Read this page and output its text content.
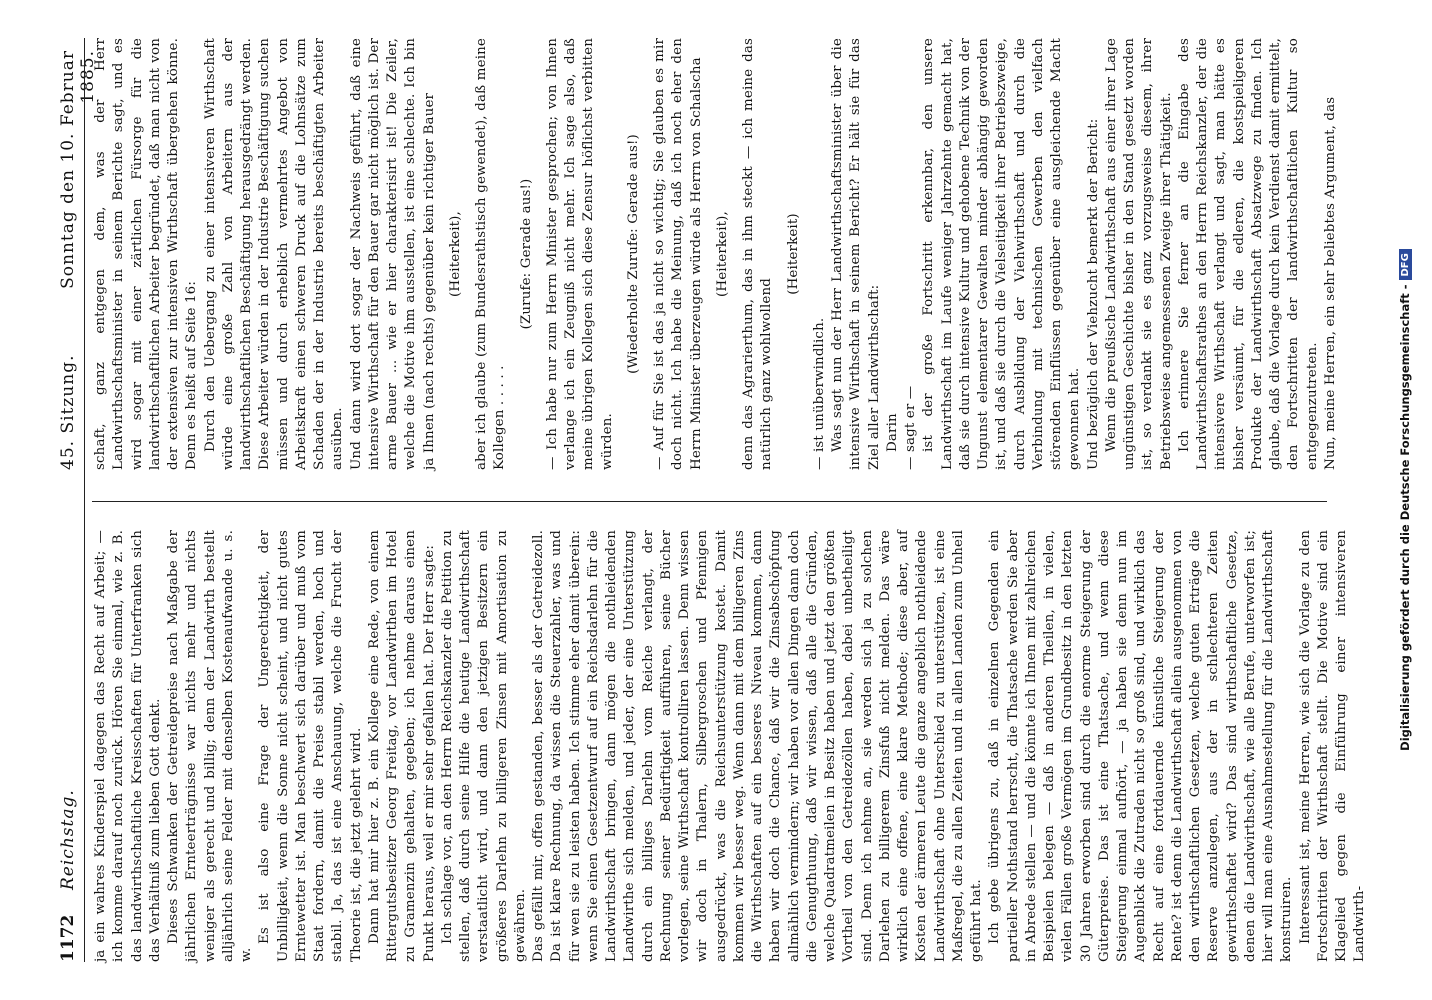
1172
Reichstag.
45. Sitzung.
Sonntag den 10. Februar 1885.

ja ein wahres Kinderspiel dagegen das Recht auf Arbeit; — ich komme darauf noch zurück. Hören Sie einmal, wie z. B. das landwirthschaftliche Kreisschaften für Unterfranken sich das Verhältniß zum lieben Gott denkt. Dieses Schwanken der Getreidepreise nach Maßgabe der jährlichen Ernteerträgnisse war nichts mehr und nichts weniger als gerecht und billig; denn der Landwirth bestellt alljährlich seine Felder mit denselben Kostenaufwande u. s. w.

Es ist also eine Frage der Ungerechtigkeit, der Unbilligkeit, wenn die Sonne nicht scheint, und nicht gutes Erntewetter ist. Man beschwert sich darüber und muß vom Staat fordern, damit die Preise stabil werden, hoch und stabil. Ja, das ist eine Anschauung, welche die Frucht der Theorie ist, die jetzt gelehrt wird. Dann hat mir hier z. B. ein Kollege eine Rede, von einem Rittergutsbesitzer Georg Freitag, vor Landwirthen im Hotel zu Gramenzin gehalten, gegeben; ich nehme daraus einen Punkt heraus, weil er mir sehr gefallen hat. Der Herr sagte: Ich schlage vor, an den Herrn Reichskanzler die Petition zu stellen, daß durch seine Hilfe die heutige Landwirthschaft verstaatlicht wird, und dann den jetzigen Besitzern ein größeres Darlehn zu billigeren Zinsen mit Amortisation zu gewähren. Das gefällt mir, offen gestanden, besser als der Getreidezoll. Da ist klare Rechnung, da wissen die Steuerzahler, was und für wen sie zu leisten haben. Ich stimme eher damit überein: wenn Sie einen Gesetzentwurf auf ein Reichsdarlehn für die Landwirthschaft bringen, dann mögen die nothleidenden Landwirthe sich melden, und jeder, der eine Unterstützung durch ein billiges Darlehn vom Reiche verlangt, der Rechnung seiner Bedürftigkeit aufführen, seine Bücher vorlegen, seine Wirthschaft kontrolliren lassen. Denn wissen wir doch in Thalern, Silbergroschen und Pfennigen ausgedrückt, was die Reichsunterstützung kostet. Damit kommen wir besser weg. Wenn dann mit dem billigeren Zins die Wirthschaften auf ein besseres Niveau kommen, dann haben wir doch die Chance, daß wir die Zinsabschöpfung allmählich vermindern; wir haben vor allen Dingen dann doch die Genugthuung, daß wir wissen, daß alle die Gründen, welche Quadratmeilen in Besitz haben und jetzt den größten Vortheil von den Getreidezöllen haben, dabei unbetheiligt sind. Denn ich nehme an, sie werden sich ja zu solchen Darlehen zu billigerem Zinsfuß nicht melden. Das wäre wirklich eine offene, eine klare Methode; diese aber, auf Kosten der ärmeren Leute die ganze angeblich nothleidende Landwirthschaft ohne Unterschied zu unterstützen, ist eine Maßregel, die zu allen Zeiten und in allen Landen zum Unheil geführt hat. Ich gebe übrigens zu, daß in einzelnen Gegenden ein partieller Nothstand herrscht, die Thatsache werden Sie aber in Abrede stellen — und die könnte ich Ihnen mit zahlreichen Beispielen belegen — daß in anderen Theilen, in vielen, vielen Fällen große Vermögen im Grundbesitz in den letzten 30 Jahren erworben sind durch die enorme Steigerung der Güterpreise. Das ist eine Thatsache, und wenn diese Steigerung einmal aufhört, — ja haben sie denn nun im Augenblick die Zutraden nicht so groß sind, und wirklich das Recht auf eine fortdauernde künstliche Steigerung der Rente? ist denn die Landwirthschaft allein ausgenommen von den wirthschaftlichen Gesetzen, welche guten Erträge die Reserve anzulegen, aus der in schlechteren Zeiten gewirthschaftet wird? Das sind wirthschaftliche Gesetze, denen die Landwirthschaft, wie alle Berufe, unterworfen ist; hier will man eine Ausnahmestellung für die Landwirthschaft konstruiren. Interessant ist, meine Herren, wie sich die Vorlage zu den Fortschritten der Wirthschaft stellt. Die Motive sind ein Klagelied gegen die Einführung einer intensiveren Landwirth-

schaft, ganz entgegen dem, was der Herr Landwirthschaftsminister in seinem Berichte sagt, und es wird sogar mit einer zärtlichen Fürsorge für die landwirthschaftlichen Arbeiter begründet, daß man nicht von der extensiven zur intensiven Wirthschaft übergehen könne. Denn es heißt auf Seite 16: Durch den Uebergang zu einer intensiveren Wirthschaft würde eine große Zahl von Arbeitern aus der landwirthschaftlichen Beschäftigung herausgedrängt werden. Diese Arbeiter würden in der Industrie Beschäftigung suchen müssen und durch erheblich vermehrtes Angebot von Arbeitskraft einen schweren Druck auf die Lohnsätze zum Schaden der in der Industrie bereits beschäftigten Arbeiter ausüben. Und dann wird dort sogar der Nachweis geführt, daß eine intensive Wirthschaft für den Bauer gar nicht möglich ist. Der arme Bauer ... wie er hier charakterisirt ist! Die Zeiler, welche die Motive ihm ausstellen, ist eine schlechte. Ich bin ja Ihnen (nach rechts) gegenüber kein richtiger Bauer (Heiterkeit), aber ich glaube (zum Bundesrathstisch gewendet), daß meine Kollegen . . . . .

(Zurufe: Gerade aus!) — Ich habe nur zum Herrn Minister gesprochen; von Ihnen verlange ich ein Zeugniß nicht mehr. Ich sage also, daß meine übrigen Kollegen sich diese Zensur höflichst verbitten würden.

(Wiederholte Zurufe: Gerade aus!) — Auf für Sie ist das ja nicht so wichtig; Sie glauben es mir doch nicht. Ich habe die Meinung, daß ich noch eher den Herrn Minister überzeugen würde als Herrn von Schalscha (Heiterkeit), denn das Agrarierthum, das in ihm steckt — ich meine das natürlich ganz wohlwollend

(Heiterkeit)

— ist unüberwindlich. Was sagt nun der Herr Landwirthschaftsminister über die intensive Wirthschaft in seinem Bericht? Er hält sie für das Ziel aller Landwirthschaft: Darin — sagt er — ist der große Fortschritt erkennbar, den unsere Landwirthschaft im Laufe weniger Jahrzehnte gemacht hat, daß sie durch intensive Kultur und gehobene Technik von der Ungunst elementarer Gewalten minder abhängig geworden ist, und daß sie durch die Vielseitigkeit ihrer Betriebszweige, durch Ausbildung der Viehwirthschaft und durch die Verbindung mit technischen Gewerben den vielfach störenden Einflüssen gegenüber eine ausgleichende Macht gewonnen hat. Und bezüglich der Viehzucht bemerkt der Bericht: Wenn die preußische Landwirthschaft aus einer ihrer Lage ungünstigen Geschichte bisher in den Stand gesetzt worden ist, so verdankt sie es ganz vorzugsweise diesem, ihrer Betriebsweise angemessenen Zweige ihrer Thätigkeit. Ich erinnere Sie ferner an die Eingabe des Landwirthschaftsrathes an den Herrn Reichskanzler, der die intensivere Wirthschaft verlangt und sagt, man hätte es bisher versäumt, für die edleren, die kostspieligeren Produkte der Landwirthschaft Absatzwege zu finden. Ich glaube, daß die Vorlage durch kein Verdienst damit ermittelt, den Fortschritten der landwirthschaftlichen Kultur so entgegenzutreten. Nun, meine Herren, ein sehr beliebtes Argument, das

Digitalisierung gefördert durch die Deutsche Forschungsgemeinschaft -
DFG
